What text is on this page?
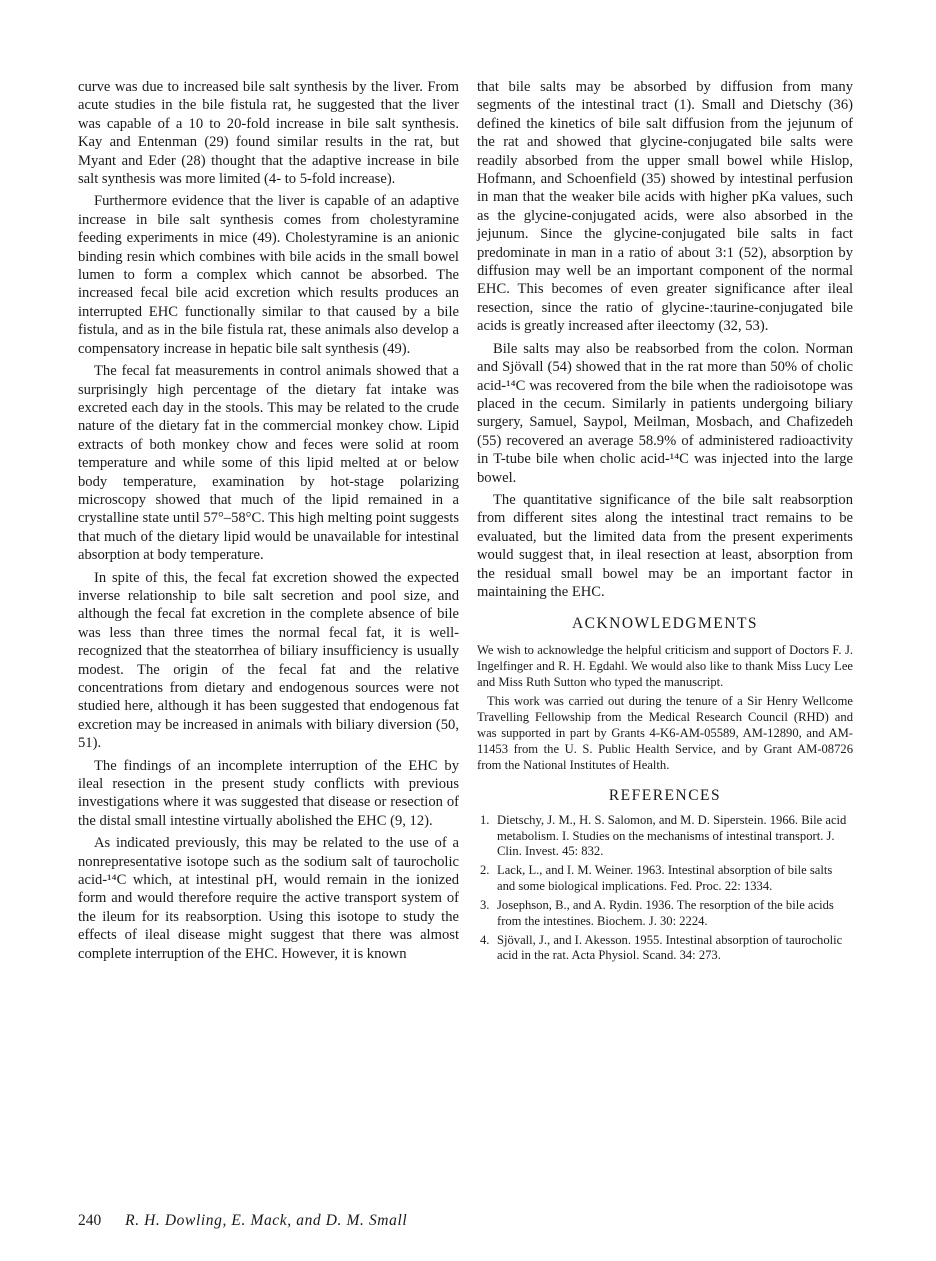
curve was due to increased bile salt synthesis by the liver. From acute studies in the bile fistula rat, he suggested that the liver was capable of a 10 to 20-fold increase in bile salt synthesis. Kay and Entenman (29) found similar results in the rat, but Myant and Eder (28) thought that the adaptive increase in bile salt synthesis was more limited (4- to 5-fold increase).

Furthermore evidence that the liver is capable of an adaptive increase in bile salt synthesis comes from cholestyramine feeding experiments in mice (49). Cholestyramine is an anionic binding resin which combines with bile acids in the small bowel lumen to form a complex which cannot be absorbed. The increased fecal bile acid excretion which results produces an interrupted EHC functionally similar to that caused by a bile fistula, and as in the bile fistula rat, these animals also develop a compensatory increase in hepatic bile salt synthesis (49).

The fecal fat measurements in control animals showed that a surprisingly high percentage of the dietary fat intake was excreted each day in the stools. This may be related to the crude nature of the dietary fat in the commercial monkey chow. Lipid extracts of both monkey chow and feces were solid at room temperature and while some of this lipid melted at or below body temperature, examination by hot-stage polarizing microscopy showed that much of the lipid remained in a crystalline state until 57°–58°C. This high melting point suggests that much of the dietary lipid would be unavailable for intestinal absorption at body temperature.

In spite of this, the fecal fat excretion showed the expected inverse relationship to bile salt secretion and pool size, and although the fecal fat excretion in the complete absence of bile was less than three times the normal fecal fat, it is well-recognized that the steatorrhea of biliary insufficiency is usually modest. The origin of the fecal fat and the relative concentrations from dietary and endogenous sources were not studied here, although it has been suggested that endogenous fat excretion may be increased in animals with biliary diversion (50, 51).

The findings of an incomplete interruption of the EHC by ileal resection in the present study conflicts with previous investigations where it was suggested that disease or resection of the distal small intestine virtually abolished the EHC (9, 12).

As indicated previously, this may be related to the use of a nonrepresentative isotope such as the sodium salt of taurocholic acid-¹⁴C which, at intestinal pH, would remain in the ionized form and would therefore require the active transport system of the ileum for its reabsorption. Using this isotope to study the effects of ileal disease might suggest that there was almost complete interruption of the EHC. However, it is known

that bile salts may be absorbed by diffusion from many segments of the intestinal tract (1). Small and Dietschy (36) defined the kinetics of bile salt diffusion from the jejunum of the rat and showed that glycine-conjugated bile salts were readily absorbed from the upper small bowel while Hislop, Hofmann, and Schoenfield (35) showed by intestinal perfusion in man that the weaker bile acids with higher pKa values, such as the glycine-conjugated acids, were also absorbed in the jejunum. Since the glycine-conjugated bile salts in fact predominate in man in a ratio of about 3:1 (52), absorption by diffusion may well be an important component of the normal EHC. This becomes of even greater significance after ileal resection, since the ratio of glycine-:taurine-conjugated bile acids is greatly increased after ileectomy (32, 53).

Bile salts may also be reabsorbed from the colon. Norman and Sjövall (54) showed that in the rat more than 50% of cholic acid-¹⁴C was recovered from the bile when the radioisotope was placed in the cecum. Similarly in patients undergoing biliary surgery, Samuel, Saypol, Meilman, Mosbach, and Chafizedeh (55) recovered an average 58.9% of administered radioactivity in T-tube bile when cholic acid-¹⁴C was injected into the large bowel.

The quantitative significance of the bile salt reabsorption from different sites along the intestinal tract remains to be evaluated, but the limited data from the present experiments would suggest that, in ileal resection at least, absorption from the residual small bowel may be an important factor in maintaining the EHC.

ACKNOWLEDGMENTS

We wish to acknowledge the helpful criticism and support of Doctors F. J. Ingelfinger and R. H. Egdahl. We would also like to thank Miss Lucy Lee and Miss Ruth Sutton who typed the manuscript.

This work was carried out during the tenure of a Sir Henry Wellcome Travelling Fellowship from the Medical Research Council (RHD) and was supported in part by Grants 4-K6-AM-05589, AM-12890, and AM-11453 from the U. S. Public Health Service, and by Grant AM-08726 from the National Institutes of Health.

REFERENCES
1. Dietschy, J. M., H. S. Salomon, and M. D. Siperstein. 1966. Bile acid metabolism. I. Studies on the mechanisms of intestinal transport. J. Clin. Invest. 45: 832.
2. Lack, L., and I. M. Weiner. 1963. Intestinal absorption of bile salts and some biological implications. Fed. Proc. 22: 1334.
3. Josephson, B., and A. Rydin. 1936. The resorption of the bile acids from the intestines. Biochem. J. 30: 2224.
4. Sjövall, J., and I. Akesson. 1955. Intestinal absorption of taurocholic acid in the rat. Acta Physiol. Scand. 34: 273.
240 R. H. Dowling, E. Mack, and D. M. Small
